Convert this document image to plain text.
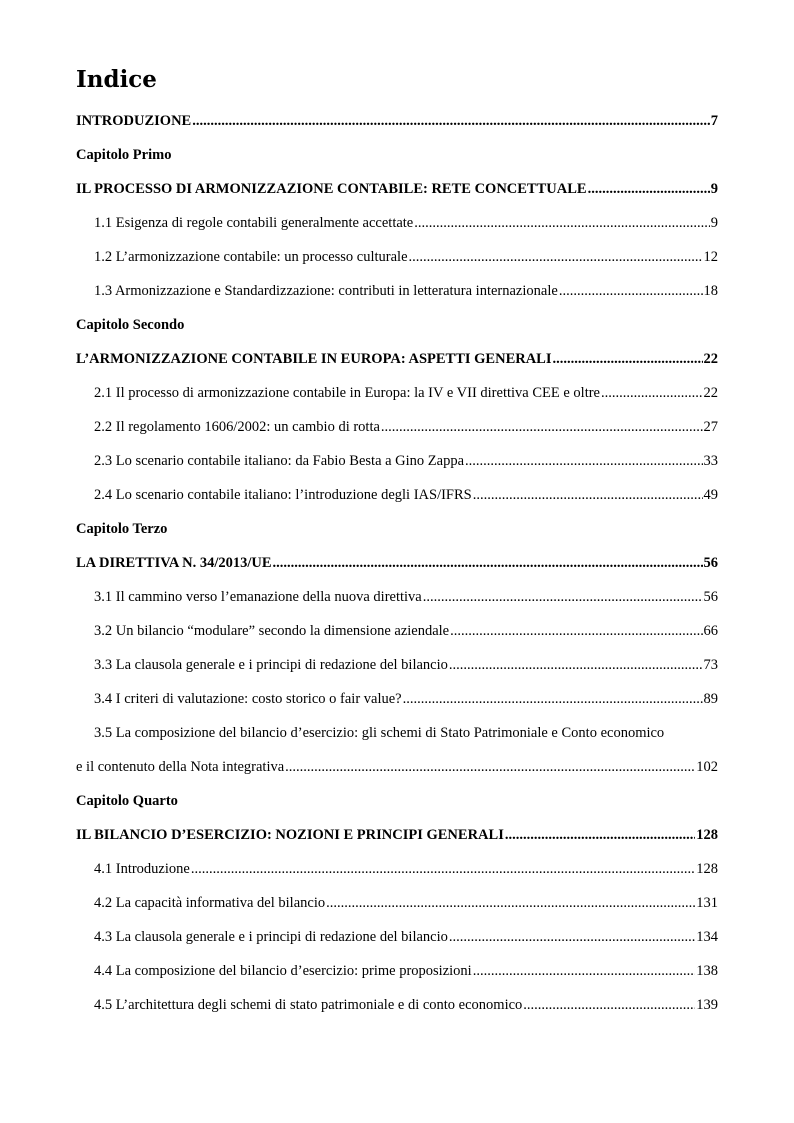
Indice
INTRODUZIONE .....	7
Capitolo Primo
IL PROCESSO DI ARMONIZZAZIONE CONTABILE: RETE CONCETTUALE .....	9
1.1 Esigenza di regole contabili generalmente accettate .....	9
1.2 L’armonizzazione contabile: un processo culturale .....	12
1.3 Armonizzazione e Standardizzazione: contributi in letteratura internazionale .....	18
Capitolo Secondo
L’ARMONIZZAZIONE CONTABILE IN EUROPA: ASPETTI GENERALI .....	22
2.1 Il processo di armonizzazione contabile in Europa: la IV e VII direttiva CEE e oltre .....	22
2.2 Il regolamento 1606/2002: un cambio di rotta .....	27
2.3 Lo scenario contabile italiano: da Fabio Besta a Gino Zappa .....	33
2.4 Lo scenario contabile italiano: l’introduzione degli IAS/IFRS .....	49
Capitolo Terzo
LA DIRETTIVA N. 34/2013/UE .....	56
3.1 Il cammino verso l’emanazione della nuova direttiva .....	56
3.2 Un bilancio “modulare” secondo la dimensione aziendale .....	66
3.3 La clausola generale e i principi di redazione del bilancio .....	73
3.4 I criteri di valutazione: costo storico o fair value? .....	89
3.5 La composizione del bilancio d’esercizio: gli schemi di Stato Patrimoniale e Conto economico
e il contenuto della Nota integrativa .....	102
Capitolo Quarto
IL BILANCIO D’ESERCIZIO: NOZIONI E PRINCIPI GENERALI .....	128
4.1 Introduzione .....	128
4.2 La capacità informativa del bilancio .....	131
4.3 La clausola generale e i principi di redazione del bilancio .....	134
4.4 La composizione del bilancio d’esercizio: prime proposizioni .....	138
4.5 L’architettura degli schemi di stato patrimoniale e di conto economico .....	139
